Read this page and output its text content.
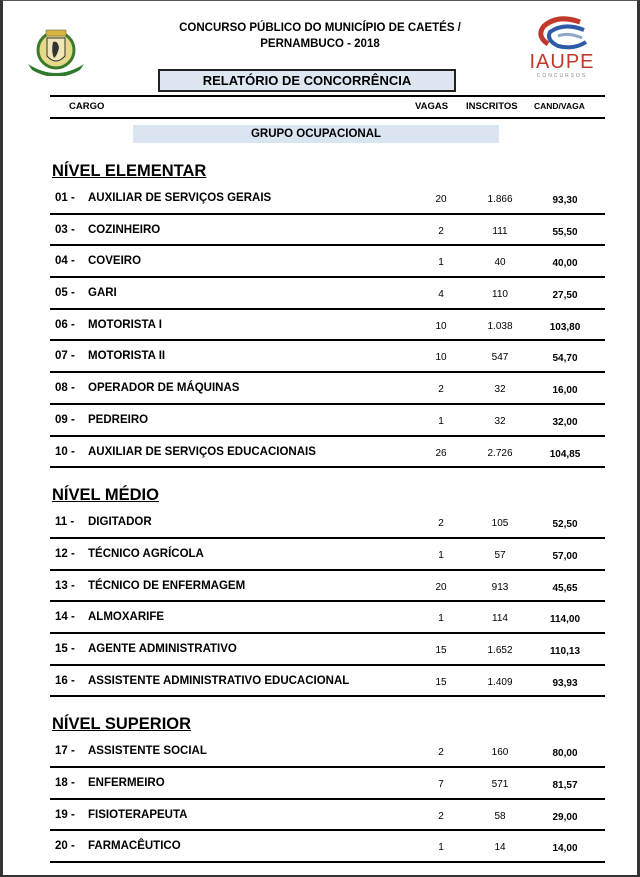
CONCURSO PÚBLICO DO MUNICÍPIO DE CAETÉS /
PERNAMBUCO - 2018
IAUPE
CONCURSOS
RELATÓRIO DE CONCORRÊNCIA
CARGO	VAGAS INSCRITOS CAND/VAGA
GRUPO OCUPACIONAL
NÍVEL ELEMENTAR
01 - AUXILIAR DE SERVIÇOS GERAIS	20	1.866	93,30
03 - COZINHEIRO	2	111	55,50
04 - COVEIRO	1	40	40,00
05 - GARI	4	110	27,50
06 - MOTORISTA I	10	1.038	103,80
07 - MOTORISTA II	10	547	54,70
08 - OPERADOR DE MÁQUINAS	2	32	16,00
09 - PEDREIRO	1	32	32,00
10 - AUXILIAR DE SERVIÇOS EDUCACIONAIS	26	2.726	104,85
NÍVEL MÉDIO
11 - DIGITADOR	2	105	52,50
12 - TÉCNICO AGRÍCOLA	1	57	57,00
13 - TÉCNICO DE ENFERMAGEM	20	913	45,65
14 - ALMOXARIFE	1	114	114,00
15 - AGENTE ADMINISTRATIVO	15	1.652	110,13
16 - ASSISTENTE ADMINISTRATIVO EDUCACIONAL	15	1.409	93,93
NÍVEL SUPERIOR
17 - ASSISTENTE SOCIAL	2	160	80,00
18 - ENFERMEIRO	7	571	81,57
19 - FISIOTERAPEUTA	2	58	29,00
20 - FARMACÊUTICO	1	14	14,00
